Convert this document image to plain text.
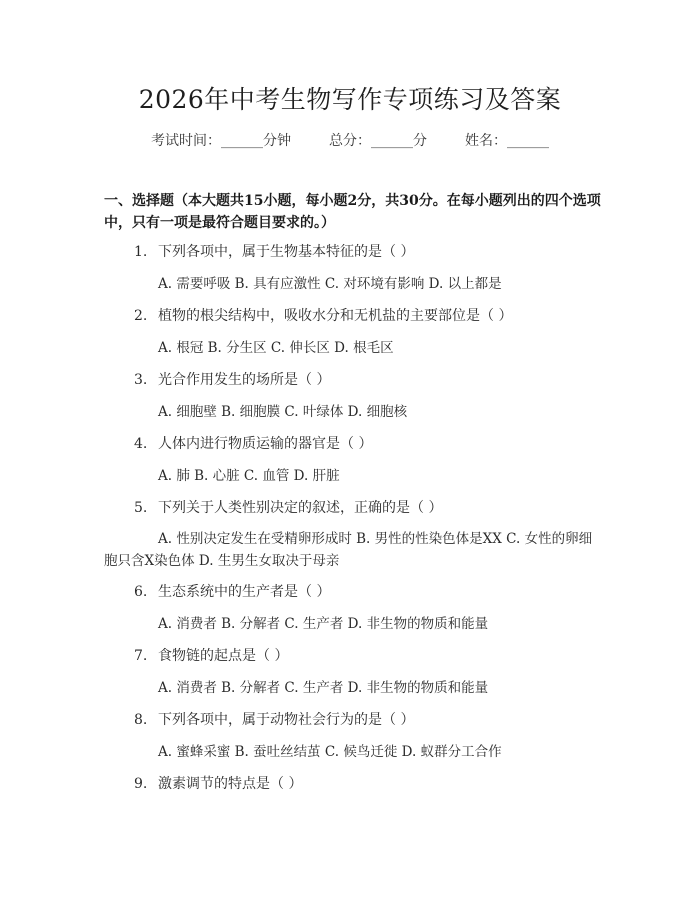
2026年中考生物写作专项练习及答案
考试时间：______分钟	总分：______分	姓名：______
一、选择题（本大题共15小题，每小题2分，共30分。在每小题列出的四个选项中，只有一项是最符合题目要求的。）
1. 下列各项中，属于生物基本特征的是（ ）
A. 需要呼吸 B. 具有应激性 C. 对环境有影响 D. 以上都是
2. 植物的根尖结构中，吸收水分和无机盐的主要部位是（ ）
A. 根冠 B. 分生区 C. 伸长区 D. 根毛区
3. 光合作用发生的场所是（ ）
A. 细胞壁 B. 细胞膜 C. 叶绿体 D. 细胞核
4. 人体内进行物质运输的器官是（ ）
A. 肺 B. 心脏 C. 血管 D. 肝脏
5. 下列关于人类性别决定的叙述，正确的是（ ）
A. 性别决定发生在受精卵形成时 B. 男性的性染色体是XX C. 女性的卵细胞只含X染色体 D. 生男生女取决于母亲
6. 生态系统中的生产者是（ ）
A. 消费者 B. 分解者 C. 生产者 D. 非生物的物质和能量
7. 食物链的起点是（ ）
A. 消费者 B. 分解者 C. 生产者 D. 非生物的物质和能量
8. 下列各项中，属于动物社会行为的是（ ）
A. 蜜蜂采蜜 B. 蚕吐丝结茧 C. 候鸟迁徙 D. 蚁群分工合作
9. 激素调节的特点是（ ）
